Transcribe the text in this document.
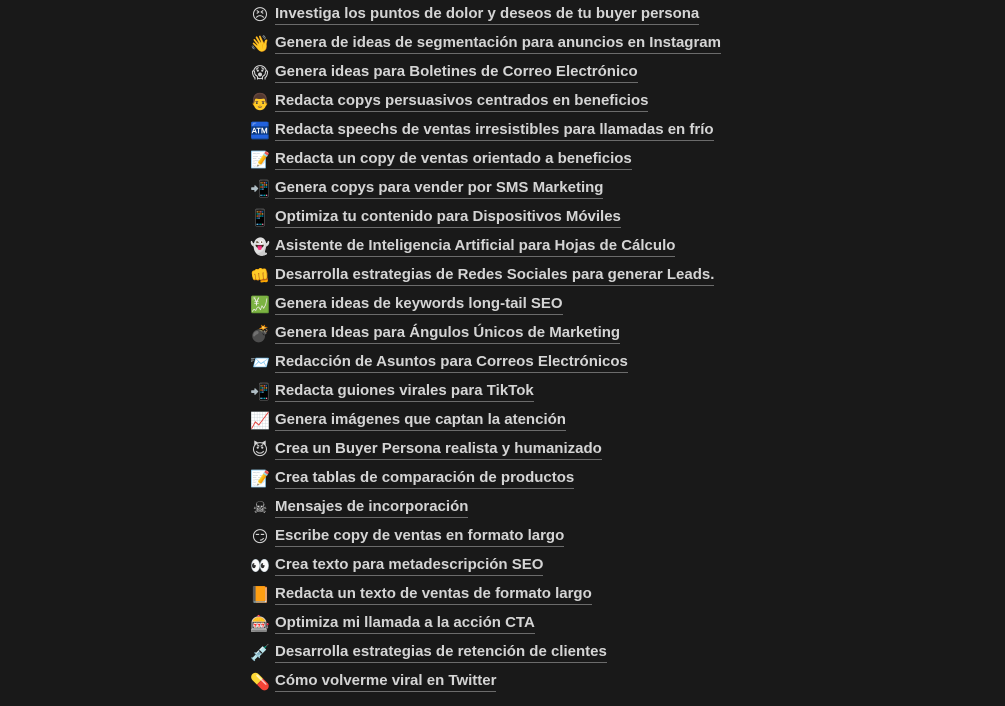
😣 Investiga los puntos de dolor y deseos de tu buyer persona
👋 Genera de ideas de segmentación para anuncios en Instagram
😱 Genera ideas para Boletines de Correo Electrónico
👨 Redacta copys persuasivos centrados en beneficios
🏧 Redacta speechs de ventas irresistibles para llamadas en frío
📝 Redacta un copy de ventas orientado a beneficios
📲 Genera copys para vender por SMS Marketing
📱 Optimiza tu contenido para Dispositivos Móviles
👻 Asistente de Inteligencia Artificial para Hojas de Cálculo
👊 Desarrolla estrategias de Redes Sociales para generar Leads.
💹 Genera ideas de keywords long-tail SEO
💣 Genera Ideas para Ángulos Únicos de Marketing
📨 Redacción de Asuntos para Correos Electrónicos
📲 Redacta guiones virales para TikTok
📈 Genera imágenes que captan la atención
😈 Crea un Buyer Persona realista y humanizado
📝 Crea tablas de comparación de productos
☠ Mensajes de incorporación
😏 Escribe copy de ventas en formato largo
👀 Crea texto para metadescripción SEO
📙 Redacta un texto de ventas de formato largo
🎰 Optimiza mi llamada a la acción CTA
💉 Desarrolla estrategias de retención de clientes
💊 Cómo volverme viral en Twitter
